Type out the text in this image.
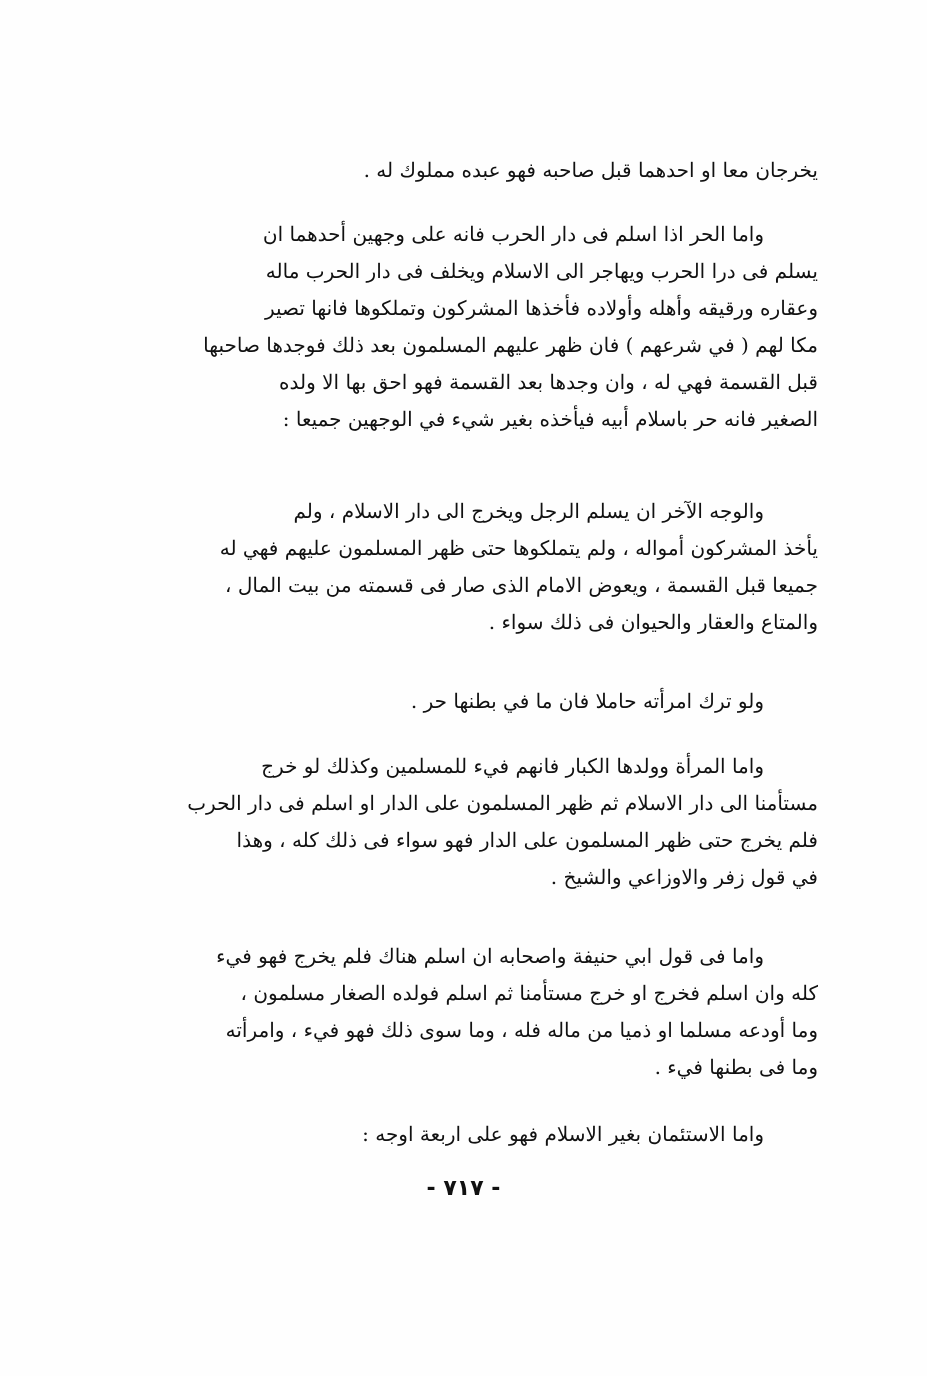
يخرجان معا او احدهما قبل صاحبه فهو عبده مملوك له .
واما الحر اذا اسلم فى دار الحرب فانه على وجهين أحدهما ان
يسلم فى درا الحرب ويهاجر الى الاسلام ويخلف فى دار الحرب ماله
وعقاره ورقيقه وأهله وأولاده فأخذها المشركون وتملكوها فانها تصير
مكا لهم ( في شرعهم ) فان ظهر عليهم المسلمون بعد ذلك فوجدها صاحبها
قبل القسمة فهي له ، وان وجدها بعد القسمة فهو احق بها الا ولده
الصغير فانه حر باسلام أبيه فيأخذه بغير شيء في الوجهين جميعا :
والوجه الآخر ان يسلم الرجل ويخرج الى دار الاسلام ، ولم
يأخذ المشركون أمواله ، ولم يتملكوها حتى ظهر المسلمون عليهم فهي له
جميعا قبل القسمة ، ويعوض الامام الذى صار فى قسمته من بيت المال ،
والمتاع والعقار والحيوان فى ذلك سواء .
ولو ترك امرأته حاملا فان ما في بطنها حر .
واما المرأة وولدها الكبار فانهم فيء للمسلمين وكذلك لو خرج
مستأمنا الى دار الاسلام ثم ظهر المسلمون على الدار او اسلم فى دار الحرب
فلم يخرج حتى ظهر المسلمون على الدار فهو سواء فى ذلك كله ، وهذا
في قول زفر والاوزاعي والشيخ .
واما فى قول ابي حنيفة واصحابه ان اسلم هناك فلم يخرج فهو فيء
كله وان اسلم فخرج او خرج مستأمنا ثم اسلم فولده الصغار مسلمون ،
وما أودعه مسلما او ذميا من ماله فله ، وما سوى ذلك فهو فيء ، وامرأته
وما فى بطنها فيء .
واما الاستئمان بغير الاسلام فهو على اربعة اوجه :
- ٧١٧ -
